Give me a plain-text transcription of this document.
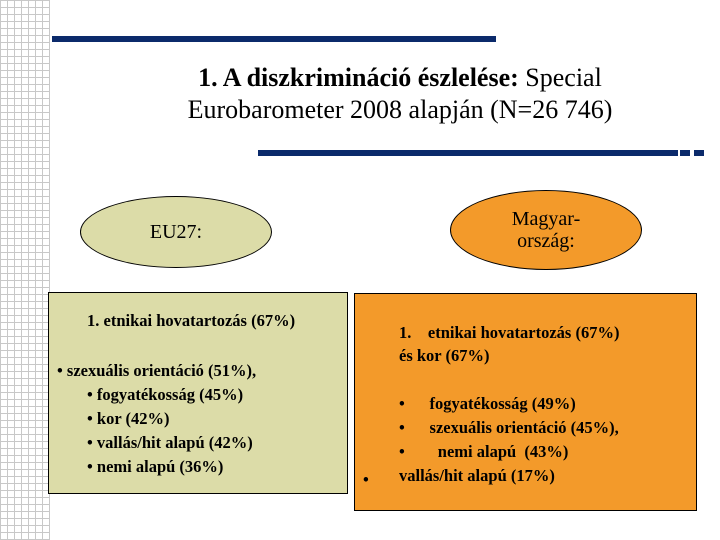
1. A diszkrimináció észlelése: Special Eurobarometer 2008 alapján (N=26 746)
EU27:
Magyar-
ország:
1. etnikai hovatartozás (67%)
• szexuális orientáció (51%),
• fogyatékosság (45%)
• kor (42%)
• vallás/hit alapú (42%)
• nemi alapú (36%)
1.    etnikai hovatartozás (67%)
és kor (67%)
•      fogyatékosság (49%)
•      szexuális orientáció (45%),
•        nemi alapú  (43%)
• vallás/hit alapú (17%)
